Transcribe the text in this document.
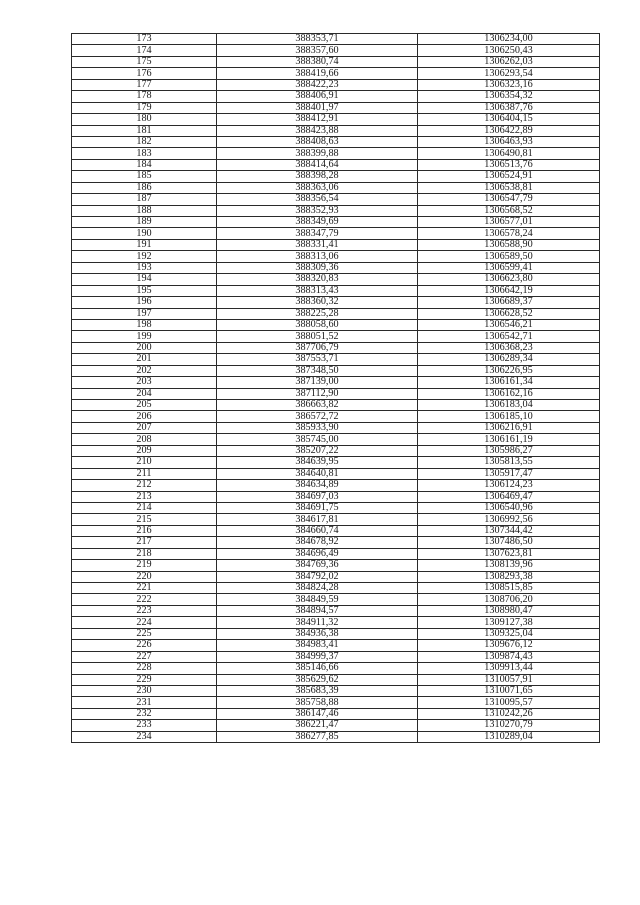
173	388353,71	1306234,00
174	388357,60	1306250,43
175	388380,74	1306262,03
176	388419,66	1306293,54
177	388422,23	1306323,16
178	388406,91	1306354,32
179	388401,97	1306387,76
180	388412,91	1306404,15
181	388423,88	1306422,89
182	388408,63	1306463,93
183	388399,88	1306490,81
184	388414,64	1306513,76
185	388398,28	1306524,91
186	388363,06	1306538,81
187	388356,54	1306547,79
188	388352,93	1306568,52
189	388349,69	1306577,01
190	388347,79	1306578,24
191	388331,41	1306588,90
192	388313,06	1306589,50
193	388309,36	1306599,41
194	388320,83	1306623,80
195	388313,43	1306642,19
196	388360,32	1306689,37
197	388225,28	1306628,52
198	388058,60	1306546,21
199	388051,52	1306542,71
200	387706,79	1306368,23
201	387553,71	1306289,34
202	387348,50	1306226,95
203	387139,00	1306161,34
204	387112,90	1306162,16
205	386663,82	1306183,04
206	386572,72	1306185,10
207	385933,90	1306216,91
208	385745,00	1306161,19
209	385207,22	1305986,27
210	384639,95	1305813,55
211	384640,81	1305917,47
212	384634,89	1306124,23
213	384697,03	1306469,47
214	384691,75	1306540,96
215	384617,81	1306992,56
216	384660,74	1307344,42
217	384678,92	1307486,50
218	384696,49	1307623,81
219	384769,36	1308139,96
220	384792,02	1308293,38
221	384824,28	1308515,85
222	384849,59	1308706,20
223	384894,57	1308980,47
224	384911,32	1309127,38
225	384936,38	1309325,04
226	384983,41	1309676,12
227	384999,37	1309874,43
228	385146,66	1309913,44
229	385629,62	1310057,91
230	385683,39	1310071,65
231	385758,88	1310095,57
232	386147,46	1310242,26
233	386221,47	1310270,79
234	386277,85	1310289,04
